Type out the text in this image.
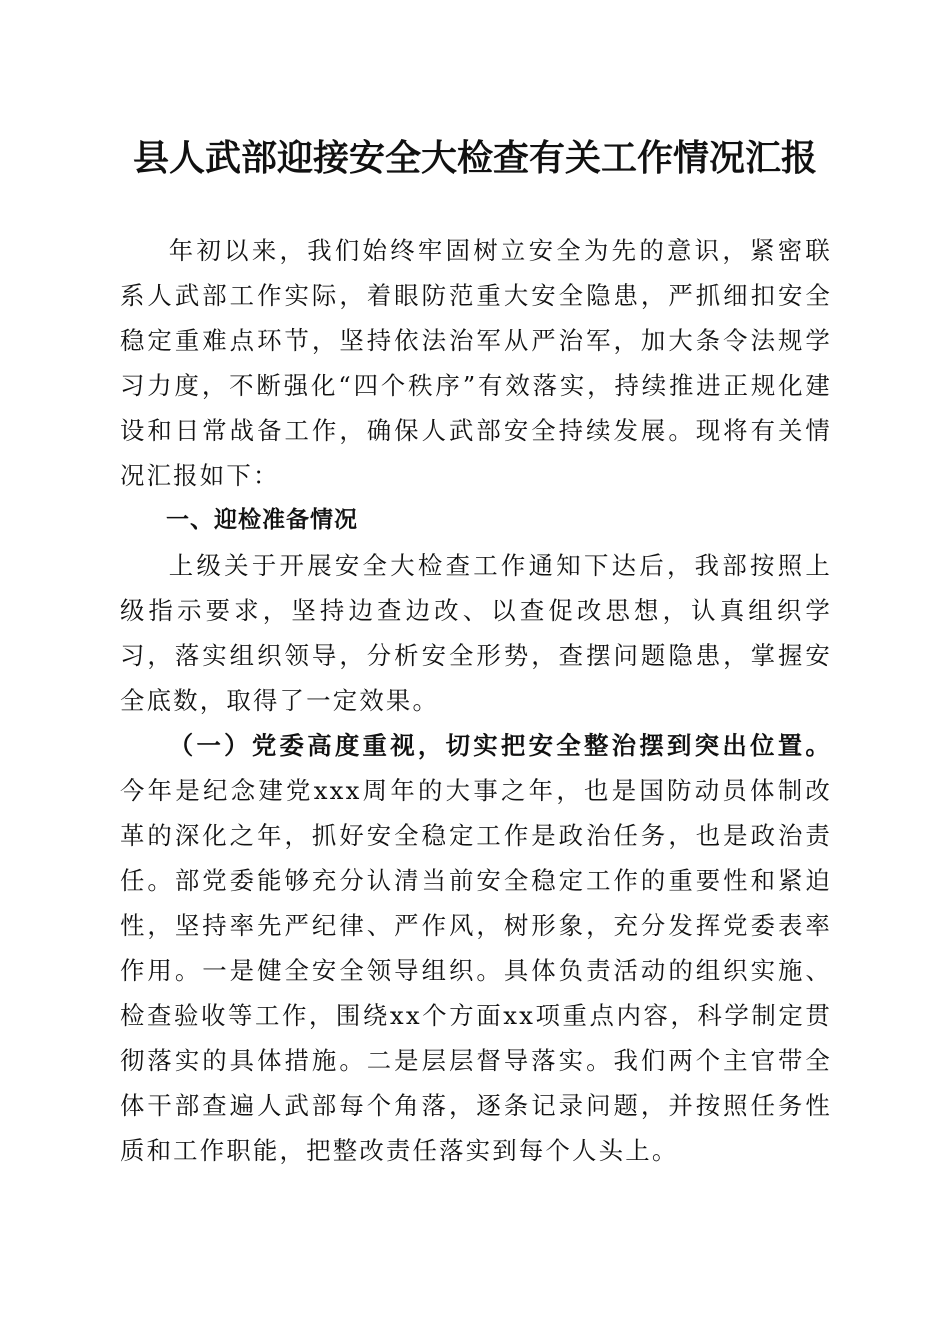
县人武部迎接安全大检查有关工作情况汇报

年初以来，我们始终牢固树立安全为先的意识，紧密联系人武部工作实际，着眼防范重大安全隐患，严抓细扣安全稳定重难点环节，坚持依法治军从严治军，加大条令法规学习力度，不断强化“四个秩序”有效落实，持续推进正规化建设和日常战备工作，确保人武部安全持续发展。现将有关情况汇报如下：

一、迎检准备情况

上级关于开展安全大检查工作通知下达后，我部按照上级指示要求，坚持边查边改、以查促改思想，认真组织学习，落实组织领导，分析安全形势，查摆问题隐患，掌握安全底数，取得了一定效果。

（一）党委高度重视，切实把安全整治摆到突出位置。今年是纪念建党xxx周年的大事之年，也是国防动员体制改革的深化之年，抓好安全稳定工作是政治任务，也是政治责任。部党委能够充分认清当前安全稳定工作的重要性和紧迫性，坚持率先严纪律、严作风，树形象，充分发挥党委表率作用。一是健全安全领导组织。具体负责活动的组织实施、检查验收等工作，围绕xx个方面xx项重点内容，科学制定贯彻落实的具体措施。二是层层督导落实。我们两个主官带全体干部查遍人武部每个角落，逐条记录问题，并按照任务性质和工作职能，把整改责任落实到每个人头上。
